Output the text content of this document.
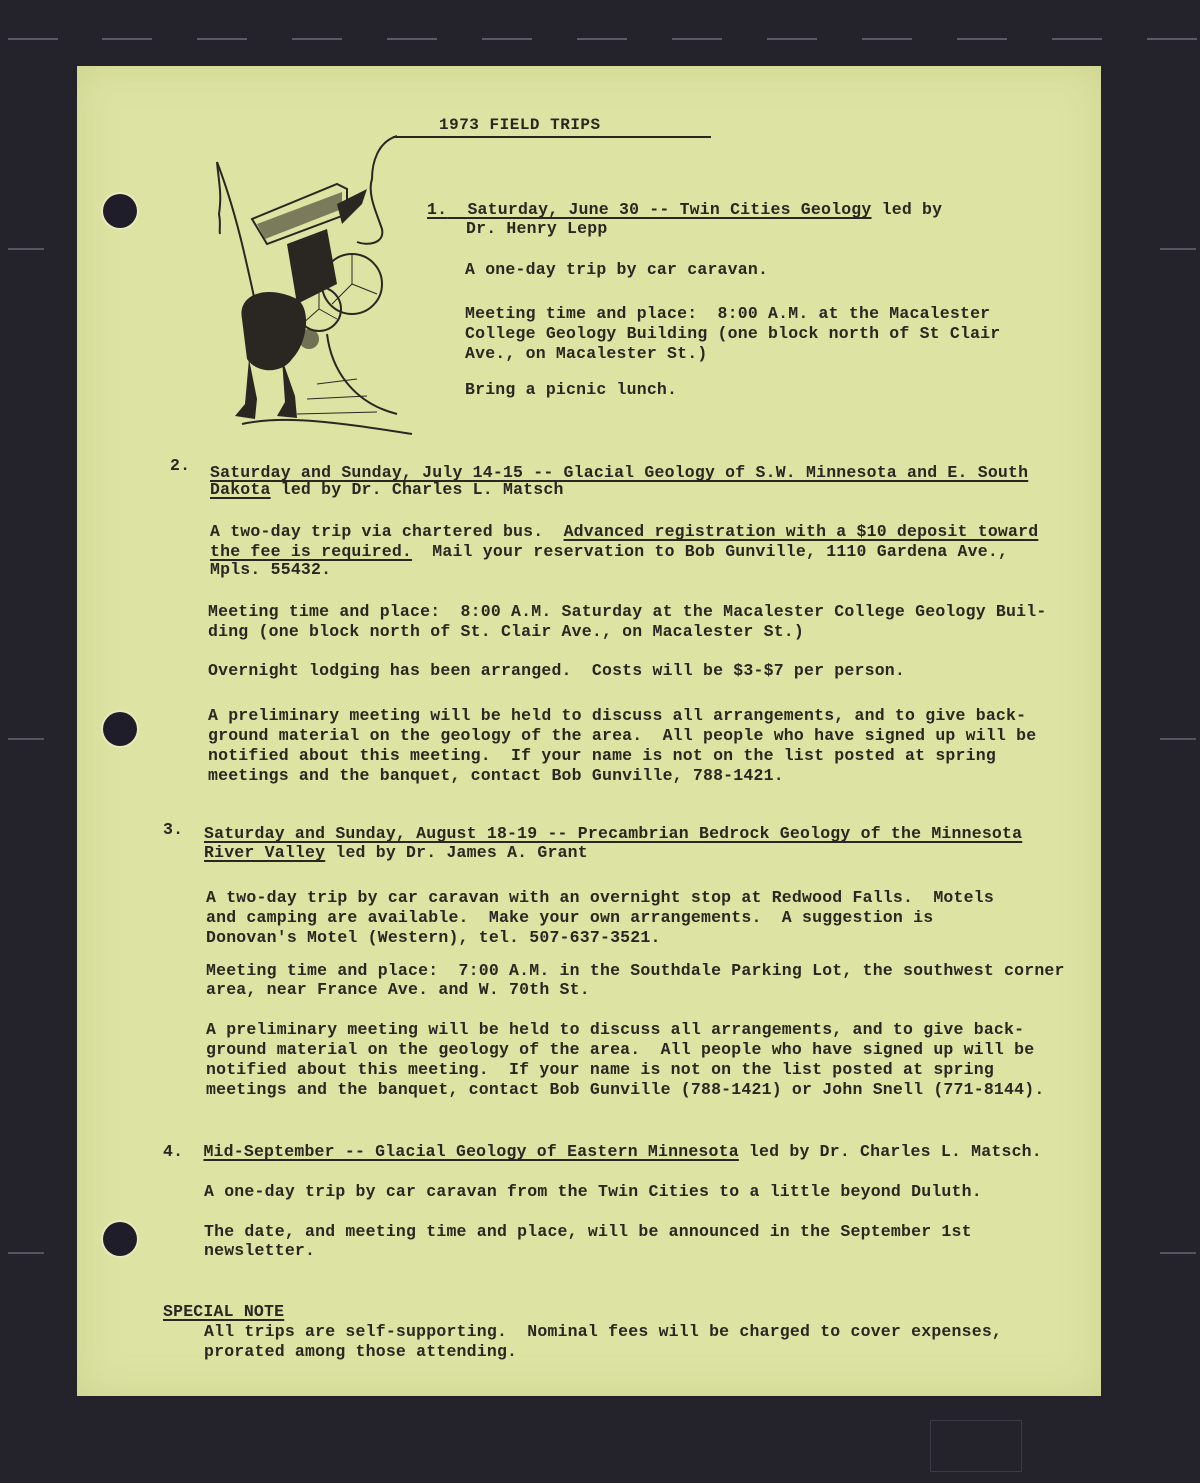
1973 FIELD TRIPS
1. Saturday, June 30 -- Twin Cities Geology led by
Dr. Henry Lepp
A one-day trip by car caravan.
Meeting time and place:  8:00 A.M. at the Macalester
College Geology Building (one block north of St Clair
Ave., on Macalester St.)
Bring a picnic lunch.
2. Saturday and Sunday, July 14-15 -- Glacial Geology of S.W. Minnesota and E. South
Dakota led by Dr. Charles L. Matsch
A two-day trip via chartered bus.  Advanced registration with a $10 deposit toward
the fee is required.  Mail your reservation to Bob Gunville, 1110 Gardena Ave.,
Mpls. 55432.
Meeting time and place:  8:00 A.M. Saturday at the Macalester College Geology Buil-
ding (one block north of St. Clair Ave., on Macalester St.)
Overnight lodging has been arranged.  Costs will be $3-$7 per person.
A preliminary meeting will be held to discuss all arrangements, and to give back-
ground material on the geology of the area.  All people who have signed up will be
notified about this meeting.  If your name is not on the list posted at spring
meetings and the banquet, contact Bob Gunville, 788-1421.
3. Saturday and Sunday, August 18-19 -- Precambrian Bedrock Geology of the Minnesota
River Valley led by Dr. James A. Grant
A two-day trip by car caravan with an overnight stop at Redwood Falls.  Motels
and camping are available.  Make your own arrangements.  A suggestion is
Donovan's Motel (Western), tel. 507-637-3521.
Meeting time and place:  7:00 A.M. in the Southdale Parking Lot, the southwest corner
area, near France Ave. and W. 70th St.
A preliminary meeting will be held to discuss all arrangements, and to give back-
ground material on the geology of the area.  All people who have signed up will be
notified about this meeting.  If your name is not on the list posted at spring
meetings and the banquet, contact Bob Gunville (788-1421) or John Snell (771-8144).
4. Mid-September -- Glacial Geology of Eastern Minnesota led by Dr. Charles L. Matsch.
A one-day trip by car caravan from the Twin Cities to a little beyond Duluth.
The date, and meeting time and place, will be announced in the September 1st
newsletter.
SPECIAL NOTE
All trips are self-supporting.  Nominal fees will be charged to cover expenses,
prorated among those attending.
